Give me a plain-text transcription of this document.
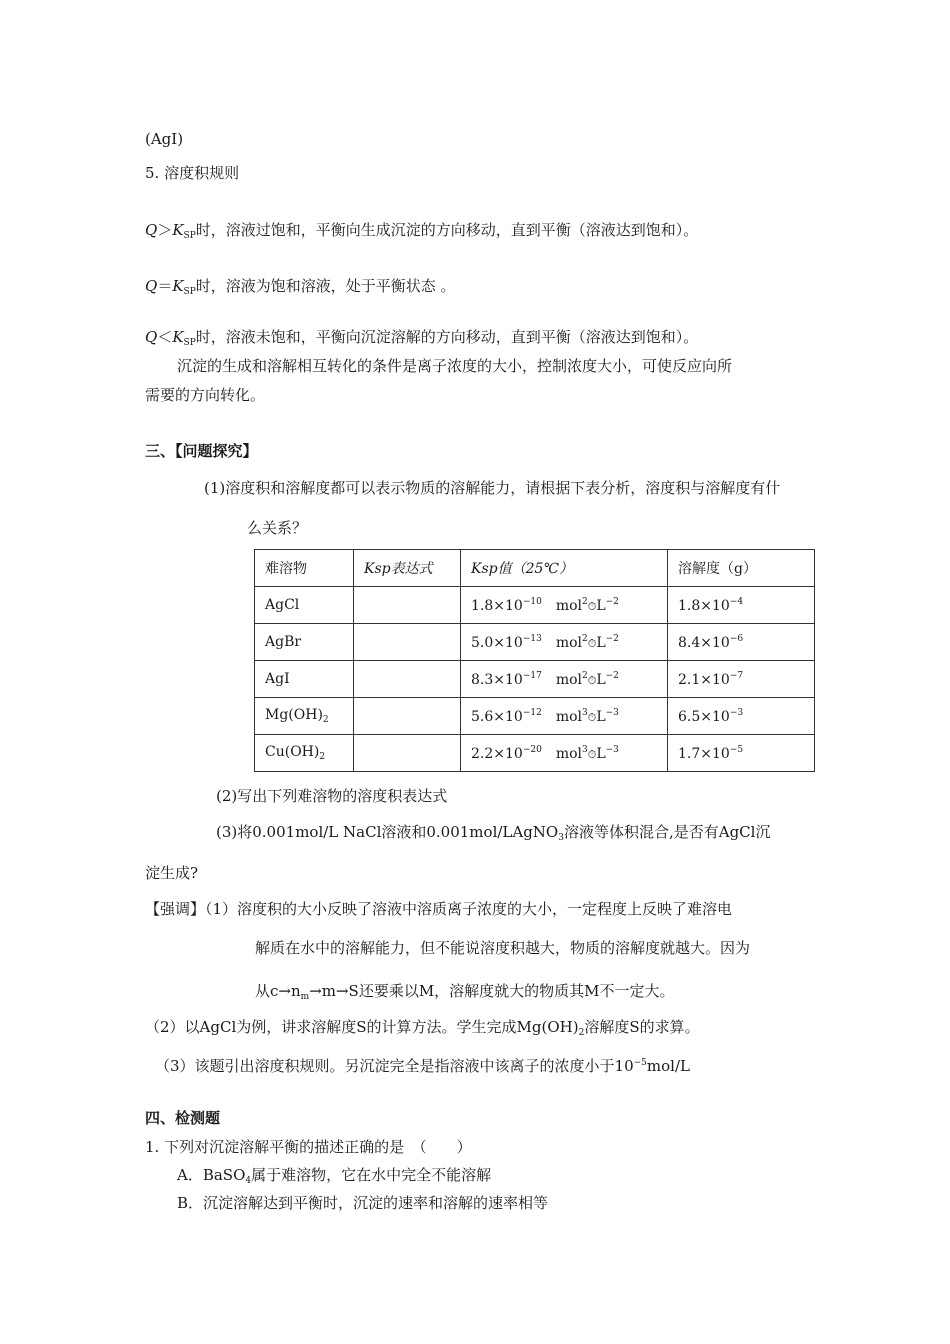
(AgI)
5. 溶度积规则
$Q>K_{SP}$时，溶液过饱和，平衡向生成沉淀的方向移动，直到平衡（溶液达到饱和）。
$Q=K_{SP}$时，溶液为饱和溶液，处于平衡状态 。
$Q<K_{SP}$时，溶液未饱和，平衡向沉淀溶解的方向移动，直到平衡（溶液达到饱和）。
沉淀的生成和溶解相互转化的条件是离子浓度的大小，控制浓度大小，可使反应向所
需要的方向转化。
三、【问题探究】
(1)溶度积和溶解度都可以表示物质的溶解能力，请根据下表分析，溶度积与溶解度有什
么关系？
难溶物	Ksp表达式	Ksp值（25℃）	溶解度（g）
AgCl		$1.8\times 10^{-10}$　 $mol^2⏱L^{-2}$	$1.8\times 10^{-4}$
AgBr		$5.0\times 10^{-13}$　 $mol^2⏱L^{-2}$	$8.4\times 10^{-6}$
AgI		$8.3\times 10^{-17}$　 $mol^2⏱L^{-2}$	$2.1\times 10^{-7}$
$Mg(OH)_2$		$5.6\times 10^{-12}$　 $mol^3⏱L^{-3}$	$6.5\times 10^{-3}$
$Cu(OH)_2$		$2.2\times 10^{-20}$　 $mol^3⏱L^{-3}$	$1.7\times 10^{-5}$
(2)写出下列难溶物的溶度积表达式
(3)将0.001mol/L NaCl溶液和0.001mol/LAgNO$_3$溶液等体积混合,是否有AgCl沉
淀生成?
【强调】（1）溶度积的大小反映了溶液中溶质离子浓度的大小，一定程度上反映了难溶电
解质在水中的溶解能力，但不能说溶度积越大，物质的溶解度就越大。因为
从$c\to n_m\to m\to S$还要乘以M，溶解度就大的物质其M不一定大。
（2）以AgCl为例，讲求溶解度S的计算方法。学生完成$Mg(OH)_2$溶解度S的求算。
（3）该题引出溶度积规则。另沉淀完全是指溶液中该离子的浓度小于$10^{-5}mol/L$
四、检测题
1. 下列对沉淀溶解平衡的描述正确的是　（　　）
A．BaSO$_4$属于难溶物，它在水中完全不能溶解
B．沉淀溶解达到平衡时，沉淀的速率和溶解的速率相等
